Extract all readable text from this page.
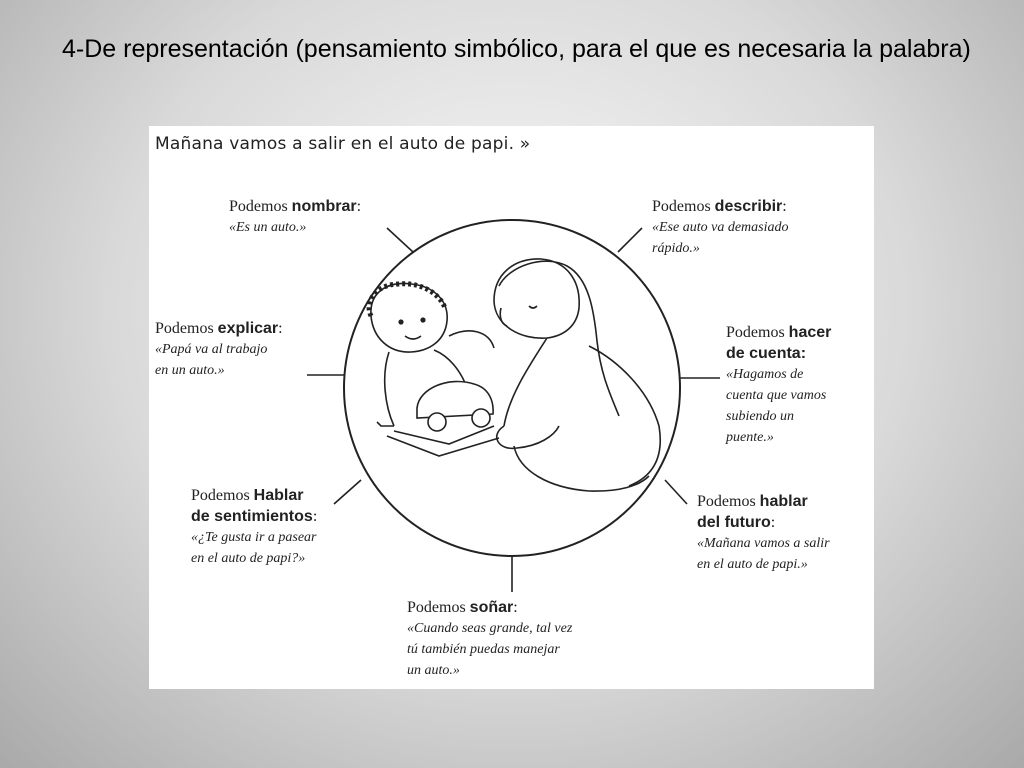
4-De representación (pensamiento simbólico, para el que es necesaria la palabra)
Mañana vamos a salir en el auto de papi. »
Podemos nombrar:
«Es un auto.»
Podemos describir:
«Ese auto va demasiado
rápido.»
Podemos explicar:
«Papá va al trabajo
en un auto.»
Podemos hacer
de cuenta:
«Hagamos de
cuenta que vamos
subiendo un
puente.»
Podemos Hablar
de sentimientos:
«¿Te gusta ir a pasear
en el auto de papi?»
Podemos hablar
del futuro:
«Mañana vamos a salir
en el auto de papi.»
Podemos soñar:
«Cuando seas grande, tal vez
tú también puedas manejar
un auto.»
